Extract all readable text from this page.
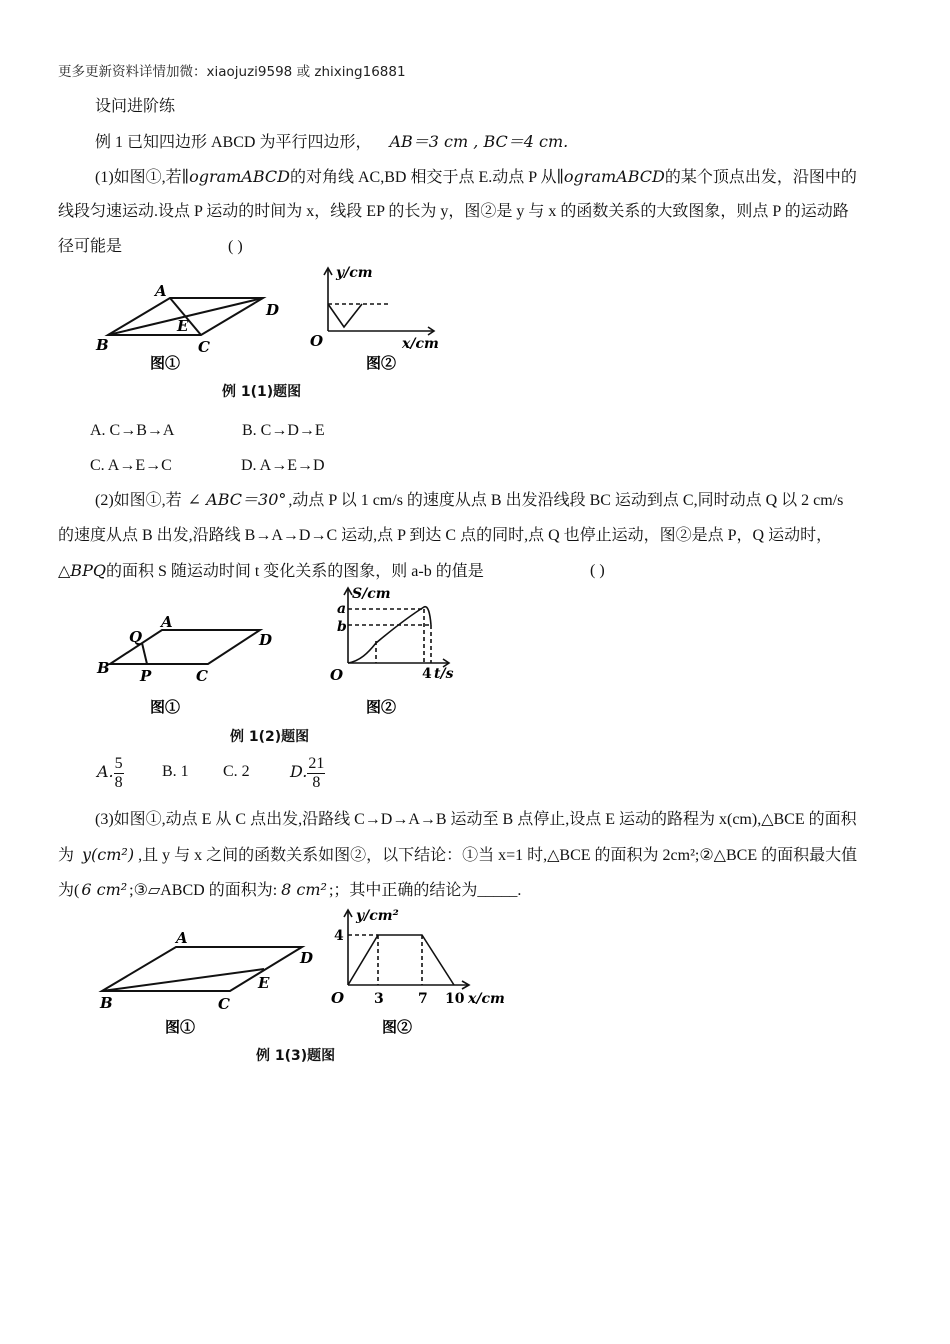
更多更新资料详情加微：xiaojuzi9598 或 zhixing16881
设问进阶练
例 1 已知四边形 ABCD 为平行四边形， AB＝3 cm , BC＝4 cm.
(1)如图①,若∥ogramABCD的对角线 AC,BD 相交于点 E.动点 P 从∥ogramABCD的某个顶点出发，沿图中的
线段匀速运动.设点 P 运动的时间为 x，线段 EP 的长为 y，图②是 y 与 x 的函数关系的大致图象，则点 P 的运动路
径可能是	( )
A
D
E
B	C
图①
y/cm
O	x/cm
图②
例 1(1)题图
A. C→B→A	B. C→D→E
C. A→E→C	D. A→E→D
(2)如图①,若 ∠ ABC＝30° ,动点 P 以 1 cm/s 的速度从点 B 出发沿线段 BC 运动到点 C,同时动点 Q 以 2 cm/s
的速度从点 B 出发,沿路线 B→A→D→C 运动,点 P 到达 C 点的同时,点 Q 也停止运动，图②是点 P，Q 运动时，
△BPQ的面积 S 随运动时间 t 变化关系的图象，则 a-b 的值是	( )
A
D
Q
B P	C
图①
S/cm
a
b
O	4 t/s
图②
例 1(2)题图
A. $\frac{5}{8} B$. 1 C. 2	D. $\frac{21}{8}$
(3)如图①,动点 E 从 C 点出发,沿路线 C→D→A→B 运动至 B 点停止,设点 E 运动的路程为 x(cm),△BCE 的面积
为 y(cm²) ,且 y 与 x 之间的函数关系如图②，以下结论：①当 x=1 时,△BCE 的面积为 2cm²;②△BCE 的面积最大值
为( 6 cm² ;③▱ABCD 的面积为: 8 cm² ;；其中正确的结论为_____.
A
D
E
B	C
图①
y/cm²
4
O 3 7 10 x/cm
图②
例 1(3)题图
